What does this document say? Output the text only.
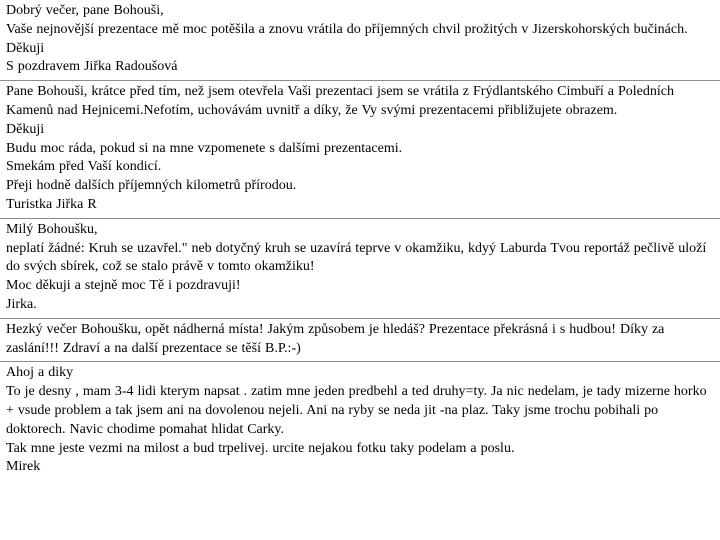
Dobrý večer, pane Bohouši,
Vaše nejnovější prezentace mě moc potěšila a znovu vrátila do příjemných chvil prožitých v Jizerskohorských bučinách.
Děkuji
S pozdravem Jiřka Radoušová
Pane Bohouši, krátce před tím, než jsem otevřela Vaši prezentaci jsem se vrátila z Frýdlantského Cimbuří a Poledních Kamenů nad Hejnicemi.Nefotím, uchovávám uvnitř a díky, že Vy svými prezentacemi přibližujete obrazem.
Děkuji
Budu moc ráda, pokud si na mne vzpomenete s dalšími prezentacemi.
Smekám před Vaší kondicí.
Přeji hodně dalších příjemných kilometrů přírodou.
Turistka Jiřka R
Milý Bohoušku,
neplatí žádné: Kruh se uzavřel." neb dotyčný kruh se uzavírá teprve v okamžiku, kdyý Laburda Tvou reportáž pečlivě uloží do svých sbírek, což se stalo právě v tomto okamžiku!
Moc děkuji a stejně moc Tě i pozdravuji!
Jirka.
Hezký večer Bohoušku, opět nádherná místa! Jakým způsobem je hledáš? Prezentace překrásná i s hudbou! Díky za zaslání!!! Zdraví a na další prezentace se těší B.P.:-)
Ahoj a diky
To je desny , mam 3-4 lidi kterym napsat . zatim mne jeden predbehl a ted druhy=ty. Ja nic nedelam, je tady mizerne horko + vsude problem a tak jsem ani na dovolenou nejeli. Ani na ryby se neda jit -na plaz. Taky jsme trochu pobihali po doktorech. Navic chodime pomahat hlidat Carky.
Tak mne jeste vezmi na milost a bud trpelivej. urcite nejakou fotku taky podelam a poslu.
Mirek
